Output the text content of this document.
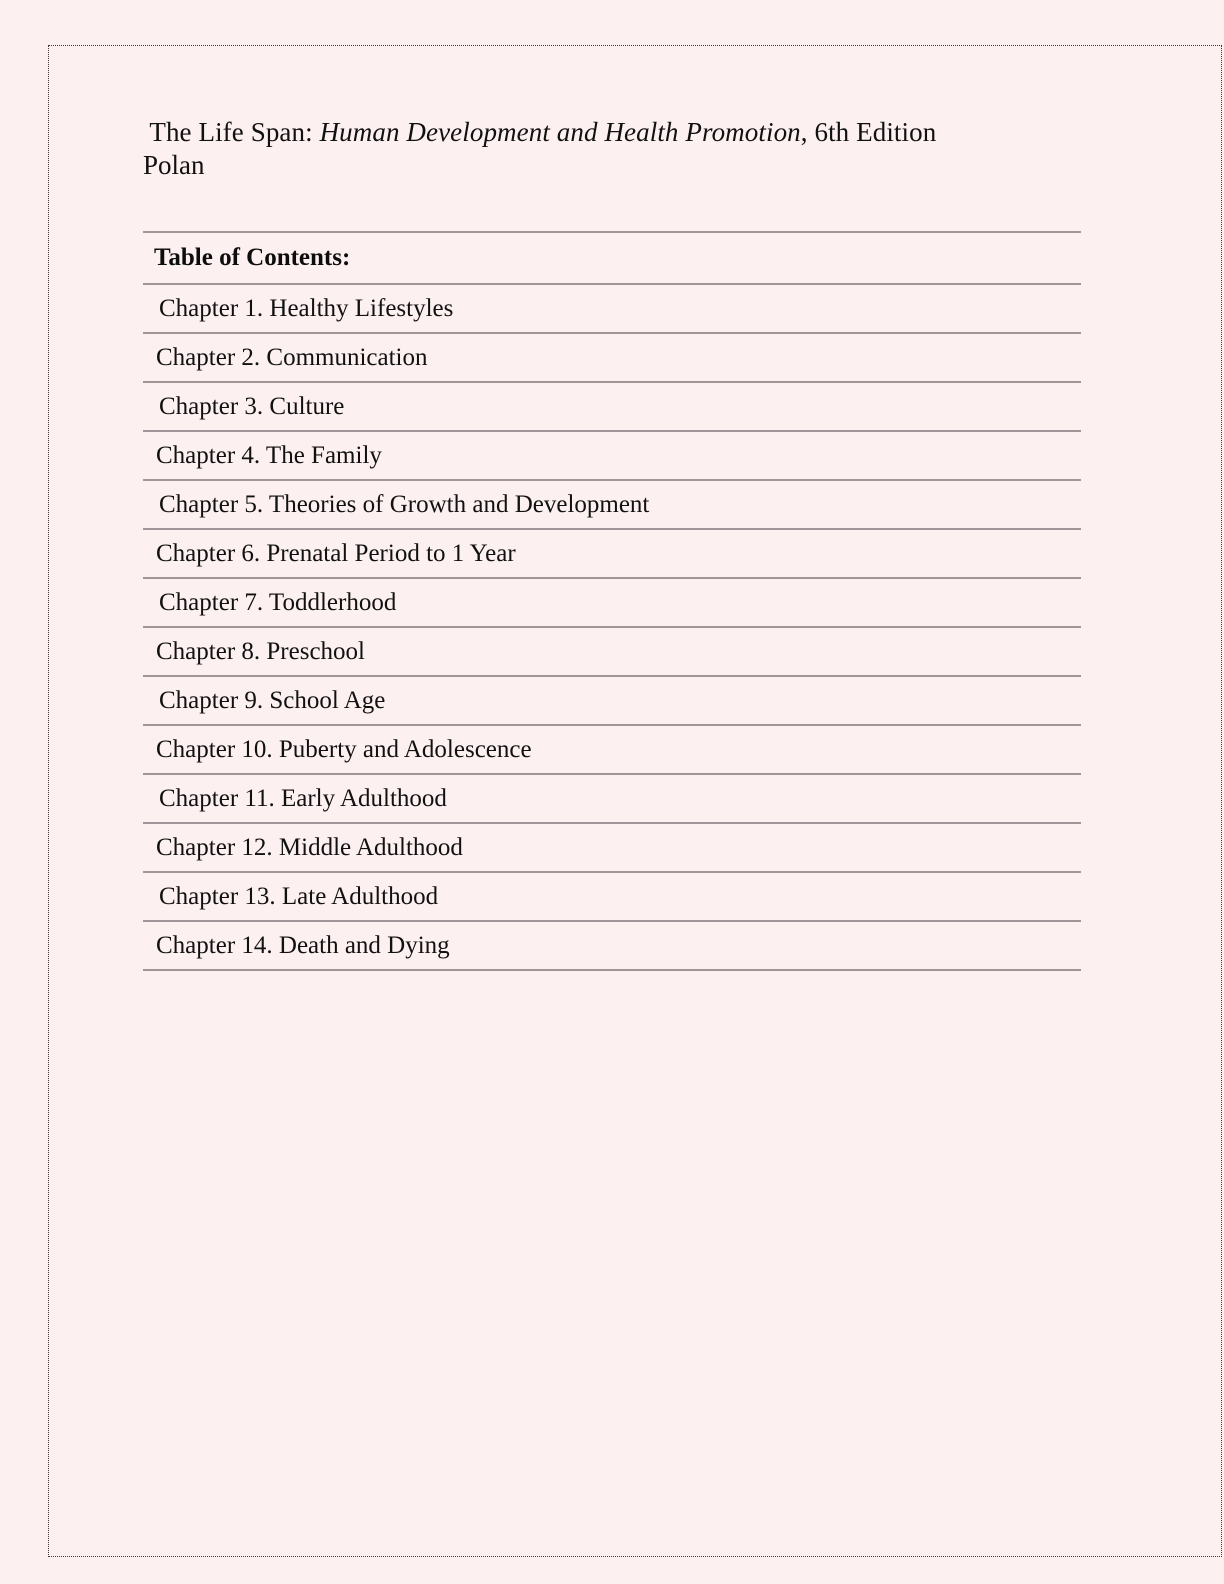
The Life Span: Human Development and Health Promotion, 6th Edition

Polan

Table of Contents:
Chapter 1. Healthy Lifestyles
Chapter 2. Communication
Chapter 3. Culture
Chapter 4. The Family
Chapter 5. Theories of Growth and Development
Chapter 6. Prenatal Period to 1 Year
Chapter 7. Toddlerhood
Chapter 8. Preschool
Chapter 9. School Age
Chapter 10. Puberty and Adolescence
Chapter 11. Early Adulthood
Chapter 12. Middle Adulthood
Chapter 13. Late Adulthood
Chapter 14. Death and Dying
